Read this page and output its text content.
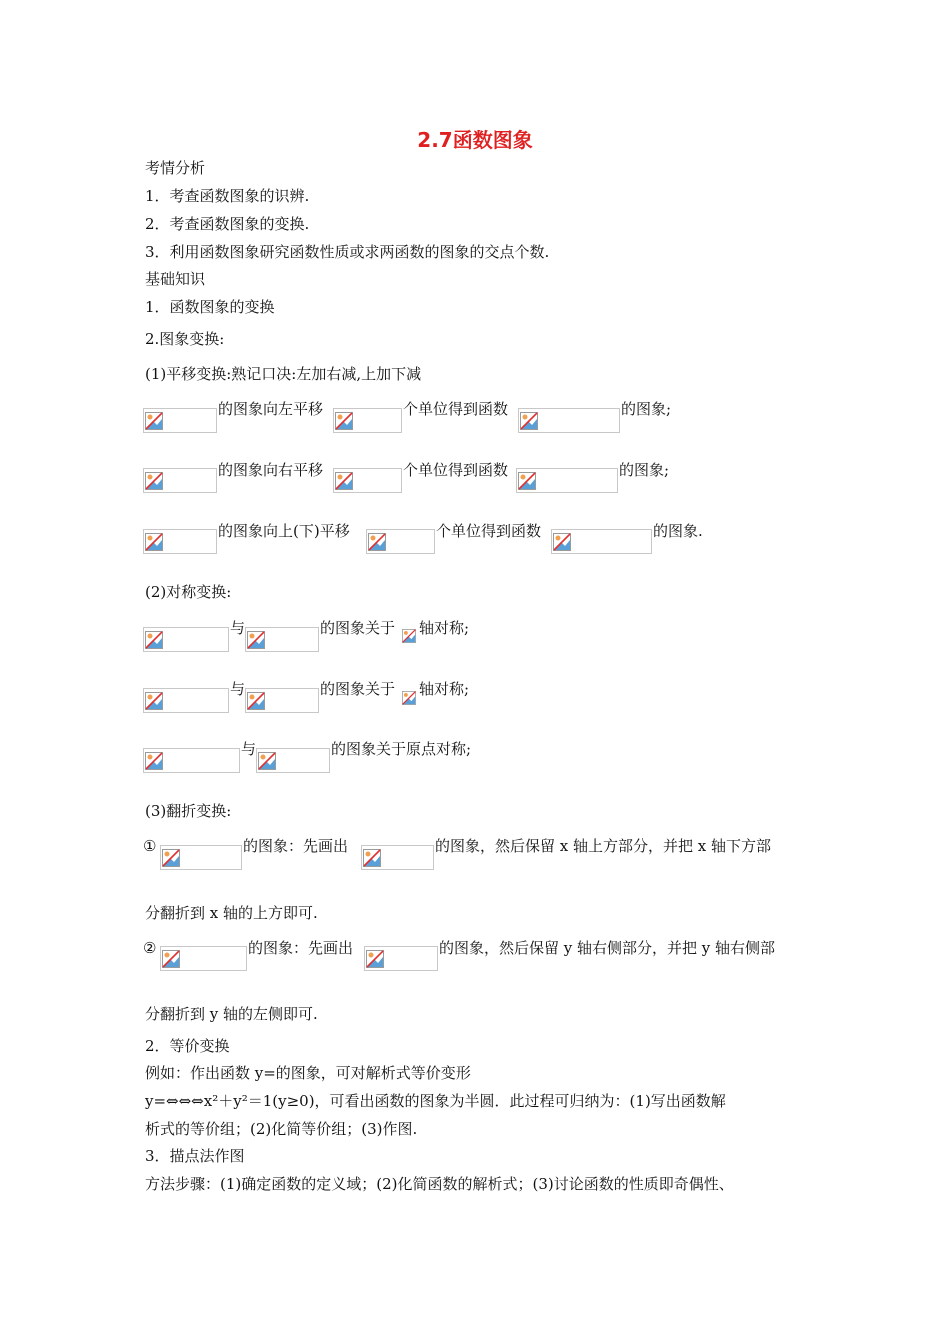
2.7函数图象
考情分析
1．考查函数图象的识辨.
2．考查函数图象的变换.
3．利用函数图象研究函数性质或求两函数的图象的交点个数.
基础知识
1．函数图象的变换
2.图象变换:
(1)平移变换:熟记口决:左加右减,上加下减
的图象向左平移	个单位得到函数	的图象;
的图象向右平移	个单位得到函数	的图象;
的图象向上(下)平移	个单位得到函数	的图象.
(2)对称变换:
与	的图象关于 轴对称;
与	的图象关于 轴对称;
与	的图象关于原点对称;
(3)翻折变换:
①	的图象：先画出	的图象，然后保留 x 轴上方部分，并把 x 轴下方部
分翻折到 x 轴的上方即可.
②	的图象：先画出	的图象，然后保留 y 轴右侧部分，并把 y 轴右侧部
分翻折到 y 轴的左侧即可.
2．等价变换
例如：作出函数 y=的图象，可对解析式等价变形
y=⇔⇔⇔x²＋y²＝1(y≥0)，可看出函数的图象为半圆．此过程可归纳为：(1)写出函数解
析式的等价组；(2)化简等价组；(3)作图.
3．描点法作图
方法步骤：(1)确定函数的定义域；(2)化简函数的解析式；(3)讨论函数的性质即奇偶性、
